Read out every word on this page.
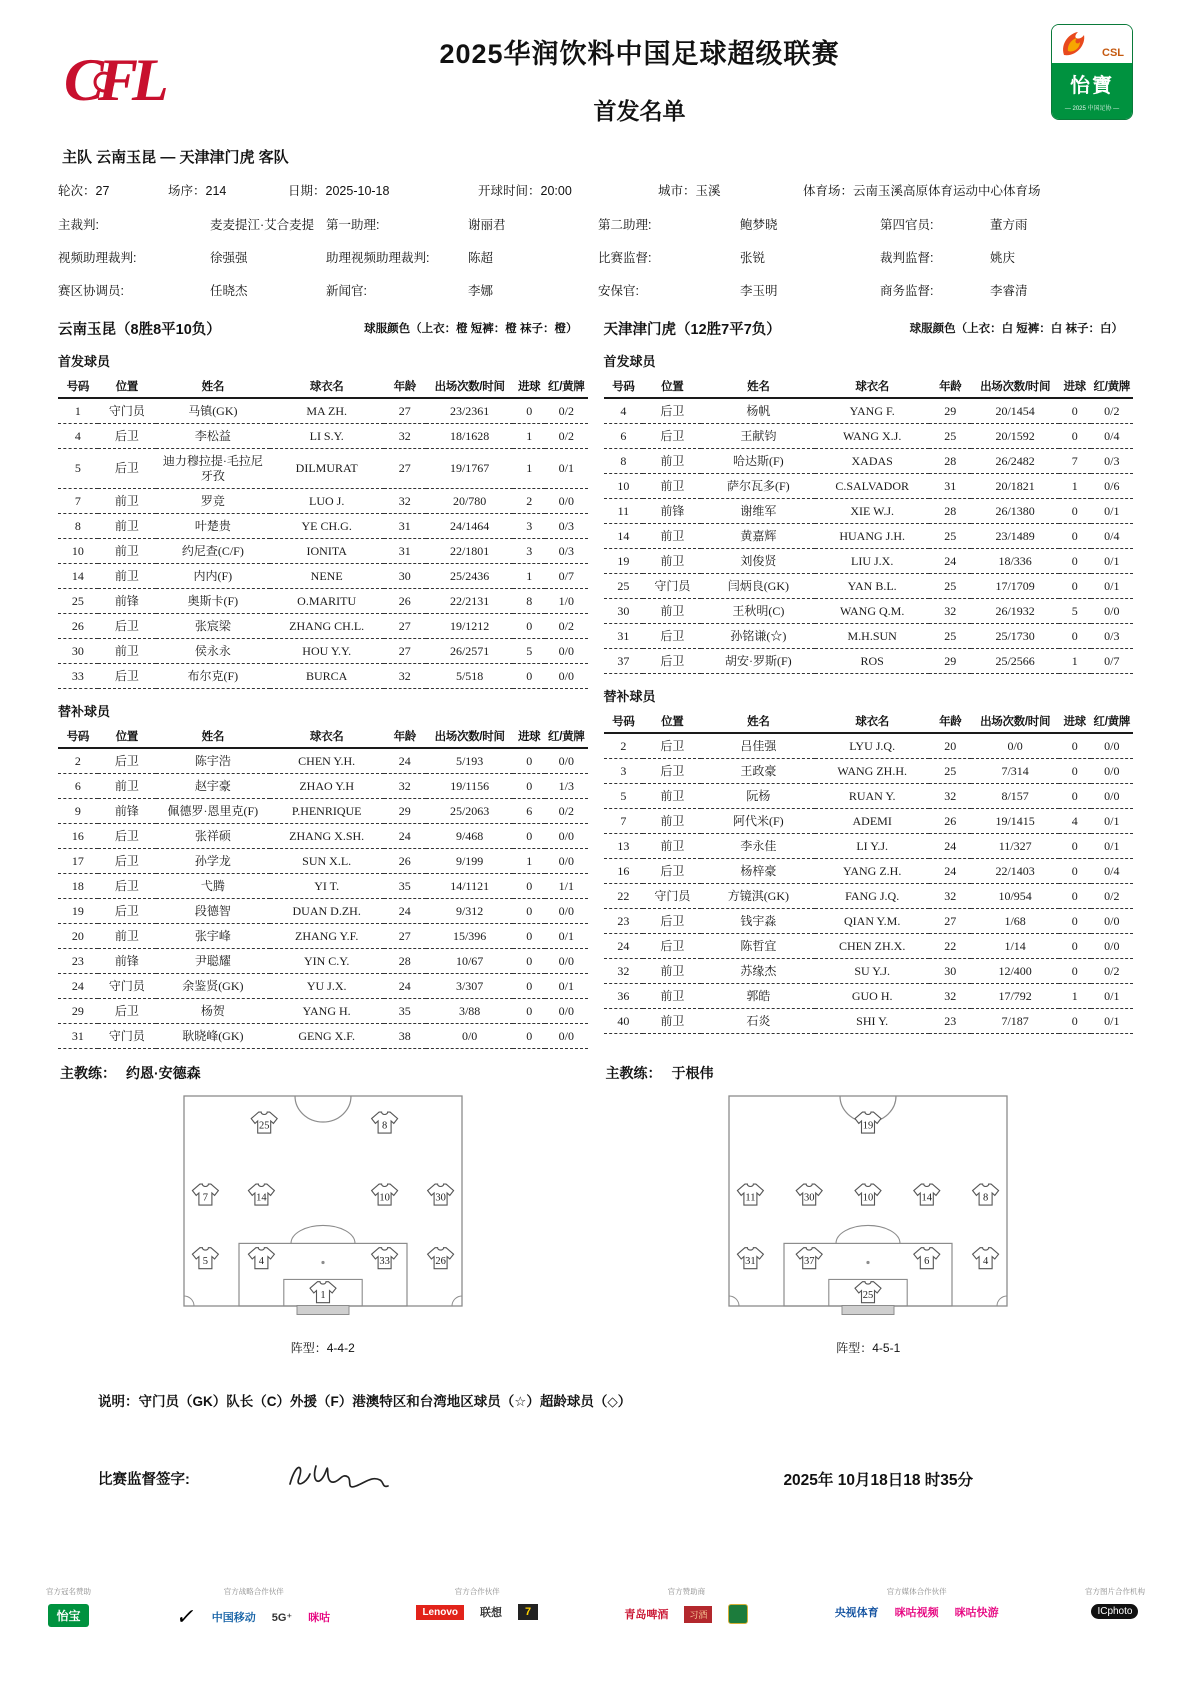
CFL	2025华润饮料中国足球超级联赛
首发名单
CSL
怡寶
— 2025 中国足协 —
主队 云南玉昆 — 天津津门虎 客队
轮次：27	场序：214	日期：2025-10-18	开球时间：20:00	城市：玉溪	体育场：云南玉溪高原体育运动中心体育场
主裁判:	麦麦提江·艾合麦提 第一助理:	谢丽君	第二助理:	鲍梦晓	第四官员:	董方雨
视频助理裁判:	徐强强	助理视频助理裁判:	陈超	比赛监督:	张锐	裁判监督:	姚庆
赛区协调员:	任晓杰	新闻官:	李娜	安保官:	李玉明	商务监督:	李睿清
云南玉昆（8胜8平10负）	球服颜色（上衣：橙 短裤：橙 袜子：橙）
首发球员
号码	位置	姓名	球衣名	年龄	出场次数/时间	进球	红/黄牌
1	守门员	马镇(GK)	MA ZH.	27	23/2361	0	0/2
4	后卫	李松益	LI S.Y.	32	18/1628	1	0/2
5	后卫	迪力穆拉提·毛拉尼牙孜	DILMURAT	27	19/1767	1	0/1
7	前卫	罗竞	LUO J.	32	20/780	2	0/0
8	前卫	叶楚贵	YE CH.G.	31	24/1464	3	0/3
10	前卫	约尼查(C/F)	IONITA	31	22/1801	3	0/3
14	前卫	内内(F)	NENE	30	25/2436	1	0/7
25	前锋	奥斯卡(F)	O.MARITU	26	22/2131	8	1/0
26	后卫	张宸梁	ZHANG CH.L.	27	19/1212	0	0/2
30	前卫	侯永永	HOU Y.Y.	27	26/2571	5	0/0
33	后卫	布尔克(F)	BURCA	32	5/518	0	0/0
替补球员
号码	位置	姓名	球衣名	年龄	出场次数/时间	进球	红/黄牌
2	后卫	陈宇浩	CHEN Y.H.	24	5/193	0	0/0
6	前卫	赵宇豪	ZHAO Y.H	32	19/1156	0	1/3
9	前锋	佩德罗·恩里克(F)	P.HENRIQUE	29	25/2063	6	0/2
16	后卫	张祥硕	ZHANG X.SH.	24	9/468	0	0/0
17	后卫	孙学龙	SUN X.L.	26	9/199	1	0/0
18	后卫	弋腾	YI T.	35	14/1121	0	1/1
19	后卫	段德智	DUAN D.ZH.	24	9/312	0	0/0
20	前卫	张宇峰	ZHANG Y.F.	27	15/396	0	0/1
23	前锋	尹聪耀	YIN C.Y.	28	10/67	0	0/0
24	守门员	余鉴贤(GK)	YU J.X.	24	3/307	0	0/1
29	后卫	杨贺	YANG H.	35	3/88	0	0/0
31	守门员	耿晓峰(GK)	GENG X.F.	38	0/0	0	0/0
天津津门虎（12胜7平7负）	球服颜色（上衣：白 短裤：白 袜子：白）
首发球员
号码	位置	姓名	球衣名	年龄	出场次数/时间	进球	红/黄牌
4	后卫	杨帆	YANG F.	29	20/1454	0	0/2
6	后卫	王献钧	WANG X.J.	25	20/1592	0	0/4
8	前卫	哈达斯(F)	XADAS	28	26/2482	7	0/3
10	前卫	萨尔瓦多(F)	C.SALVADOR	31	20/1821	1	0/6
11	前锋	谢维军	XIE W.J.	28	26/1380	0	0/1
14	前卫	黄嘉辉	HUANG J.H.	25	23/1489	0	0/4
19	前卫	刘俊贤	LIU J.X.	24	18/336	0	0/1
25	守门员	闫炳良(GK)	YAN B.L.	25	17/1709	0	0/1
30	前卫	王秋明(C)	WANG Q.M.	32	26/1932	5	0/0
31	后卫	孙铭谦(☆)	M.H.SUN	25	25/1730	0	0/3
37	后卫	胡安·罗斯(F)	ROS	29	25/2566	1	0/7
替补球员
号码	位置	姓名	球衣名	年龄	出场次数/时间	进球	红/黄牌
2	后卫	吕佳强	LYU J.Q.	20	0/0	0	0/0
3	后卫	王政豪	WANG ZH.H.	25	7/314	0	0/0
5	前卫	阮杨	RUAN Y.	32	8/157	0	0/0
7	前卫	阿代米(F)	ADEMI	26	19/1415	4	0/1
13	前卫	李永佳	LI Y.J.	24	11/327	0	0/1
16	后卫	杨梓豪	YANG Z.H.	24	22/1403	0	0/4
22	守门员	方镜淇(GK)	FANG J.Q.	32	10/954	0	0/2
23	后卫	钱宇淼	QIAN Y.M.	27	1/68	0	0/0
24	后卫	陈哲宜	CHEN ZH.X.	22	1/14	0	0/0
32	前卫	苏缘杰	SU Y.J.	30	12/400	0	0/2
36	前卫	郭皓	GUO H.	32	17/792	1	0/1
40	前卫	石炎	SHI Y.	23	7/187	0	0/1
主教练： 约恩·安德森
25	8
7	14	10	30
5	4	33	26
1
阵型：4-4-2
主教练： 于根伟
19
11	30	10	14	8
31	37	6	4
25
阵型：4-5-1
说明：守门员（GK）队长（C）外援（F）港澳特区和台湾地区球员（☆）超龄球员（◇）
比赛监督签字:	2025年 10月18日18 时35分
官方冠名赞助
怡宝
官方战略合作伙伴
✓ 中国移动 5G⁺ 咪咕
官方合作伙伴
Lenovo	联想	7
官方赞助商
青岛啤酒	习酒
官方媒体合作伙伴
央视体育 咪咕视频 咪咕快游
官方图片合作机构
ICphoto
